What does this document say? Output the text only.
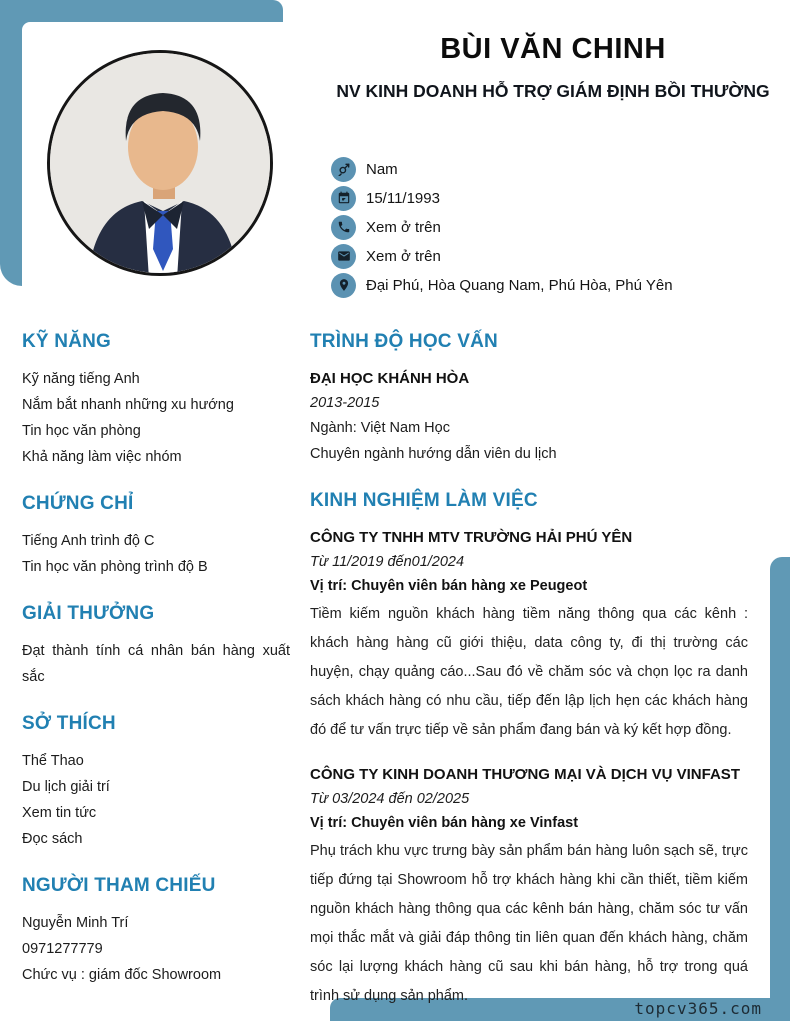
topcv365.com
BÙI VĂN CHINH
NV KINH DOANH HỖ TRỢ GIÁM ĐỊNH BỒI THƯỜNG
Nam
15/11/1993
Xem ở trên
Xem ở trên
Đại Phú, Hòa Quang Nam, Phú Hòa, Phú Yên
KỸ NĂNG

Kỹ năng tiếng Anh

Nắm bắt nhanh những xu hướng

Tin học văn phòng

Khả năng làm việc nhóm

CHỨNG CHỈ

Tiếng Anh trình độ C

Tin học văn phòng trình độ B

GIẢI THƯỞNG

Đạt thành tính cá nhân bán hàng xuất sắc

SỞ THÍCH

Thể Thao

Du lịch giải trí

Xem tin tức

Đọc sách

NGƯỜI THAM CHIẾU

Nguyễn Minh Trí

0971277779

Chức vụ : giám đốc Showroom

TRÌNH ĐỘ HỌC VẤN
ĐẠI HỌC KHÁNH HÒA
2013-2015
Ngành: Việt Nam Học
Chuyên ngành hướng dẫn viên du lịch
KINH NGHIỆM LÀM VIỆC
CÔNG TY TNHH MTV TRƯỜNG HẢI PHÚ YÊN
Từ 11/2019 đến01/2024
Vị trí: Chuyên viên bán hàng xe Peugeot
Tiềm kiếm nguồn khách hàng tiềm năng thông qua các kênh : khách hàng hàng cũ giới thiệu, data công ty, đi thị trường các huyện, chạy quảng cáo...Sau đó về chăm sóc và chọn lọc ra danh sách khách hàng có nhu cầu, tiếp đến lập lịch hẹn các khách hàng đó để tư vấn trực tiếp về sản phẩm đang bán và ký kết hợp đồng.
CÔNG TY KINH DOANH THƯƠNG MẠI VÀ DỊCH VỤ VINFAST
Từ 03/2024 đến 02/2025
Vị trí: Chuyên viên bán hàng xe Vinfast
Phụ trách khu vực trưng bày sản phẩm bán hàng luôn sạch sẽ, trực tiếp đứng tại Showroom hỗ trợ khách hàng khi cần thiết, tiềm kiếm nguồn khách hàng thông qua các kênh bán hàng, chăm sóc tư vấn mọi thắc mắt và giải đáp thông tin liên quan đến khách hàng, chăm sóc lại lượng khách hàng cũ sau khi bán hàng, hỗ trợ trong quá trình sử dụng sản phẩm.
